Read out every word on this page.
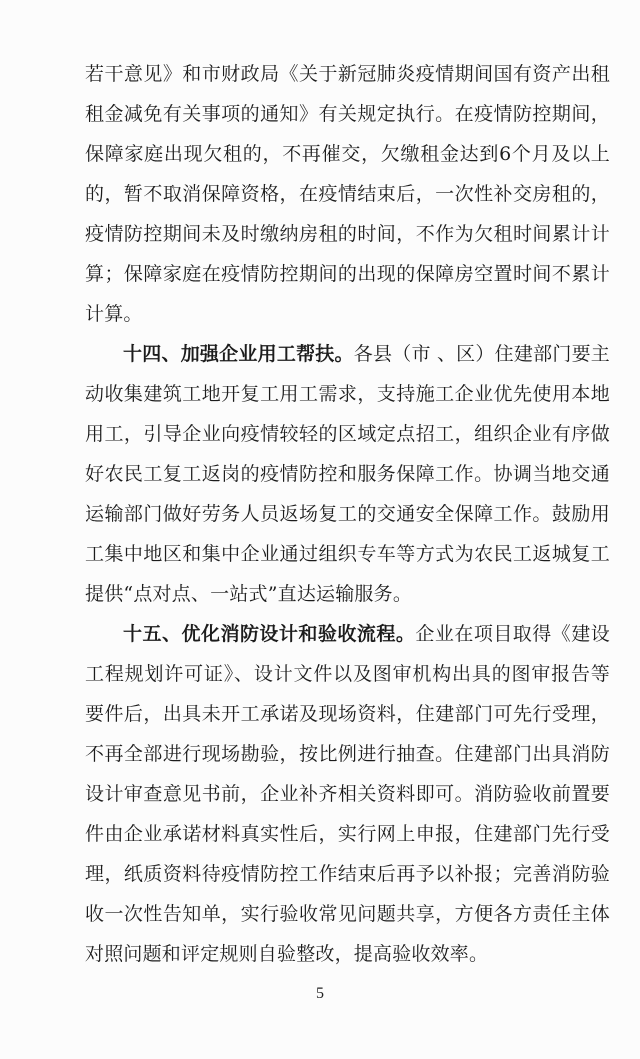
若干意见》和市财政局《关于新冠肺炎疫情期间国有资产出租租金减免有关事项的通知》有关规定执行。在疫情防控期间，保障家庭出现欠租的，不再催交，欠缴租金达到6个月及以上的，暂不取消保障资格，在疫情结束后，一次性补交房租的，疫情防控期间未及时缴纳房租的时间，不作为欠租时间累计计算；保障家庭在疫情防控期间的出现的保障房空置时间不累计计算。

十四、加强企业用工帮扶。各县（市 、区）住建部门要主动收集建筑工地开复工用工需求，支持施工企业优先使用本地用工，引导企业向疫情较轻的区域定点招工，组织企业有序做好农民工复工返岗的疫情防控和服务保障工作。协调当地交通运输部门做好劳务人员返场复工的交通安全保障工作。鼓励用工集中地区和集中企业通过组织专车等方式为农民工返城复工提供“点对点、一站式”直达运输服务。

十五、优化消防设计和验收流程。企业在项目取得《建设工程规划许可证》、设计文件以及图审机构出具的图审报告等要件后，出具未开工承诺及现场资料，住建部门可先行受理，不再全部进行现场勘验，按比例进行抽查。住建部门出具消防设计审查意见书前，企业补齐相关资料即可。消防验收前置要件由企业承诺材料真实性后，实行网上申报，住建部门先行受理，纸质资料待疫情防控工作结束后再予以补报；完善消防验收一次性告知单，实行验收常见问题共享，方便各方责任主体对照问题和评定规则自验整改，提高验收效率。

5
